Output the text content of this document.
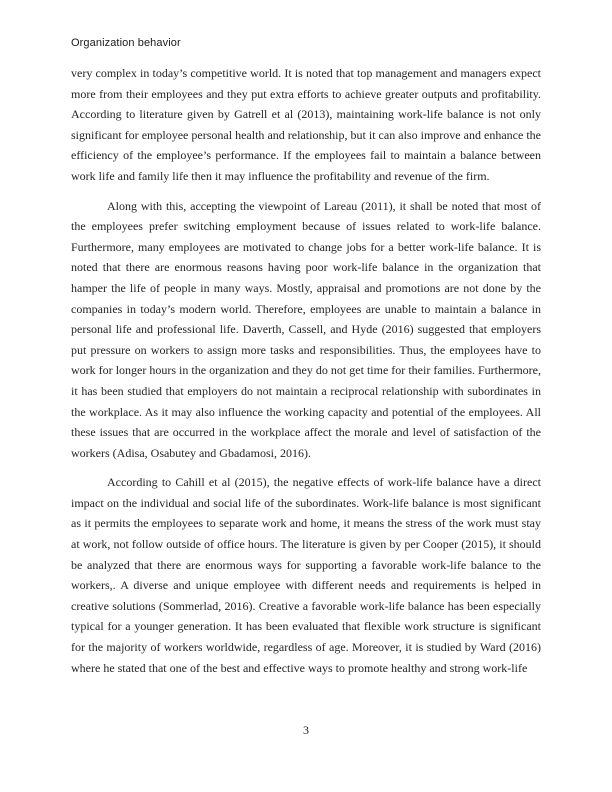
Organization behavior

very complex in today’s competitive world. It is noted that top management and managers expect more from their employees and they put extra efforts to achieve greater outputs and profitability. According to literature given by Gatrell et al (2013), maintaining work-life balance is not only significant for employee personal health and relationship, but it can also improve and enhance the efficiency of the employee’s performance. If the employees fail to maintain a balance between work life and family life then it may influence the profitability and revenue of the firm.

Along with this, accepting the viewpoint of Lareau (2011), it shall be noted that most of the employees prefer switching employment because of issues related to work-life balance. Furthermore, many employees are motivated to change jobs for a better work-life balance. It is noted that there are enormous reasons having poor work-life balance in the organization that hamper the life of people in many ways. Mostly, appraisal and promotions are not done by the companies in today’s modern world. Therefore, employees are unable to maintain a balance in personal life and professional life. Daverth, Cassell, and Hyde (2016) suggested that employers put pressure on workers to assign more tasks and responsibilities. Thus, the employees have to work for longer hours in the organization and they do not get time for their families. Furthermore, it has been studied that employers do not maintain a reciprocal relationship with subordinates in the workplace. As it may also influence the working capacity and potential of the employees. All these issues that are occurred in the workplace affect the morale and level of satisfaction of the workers (Adisa, Osabutey and Gbadamosi, 2016).

According to Cahill et al (2015), the negative effects of work-life balance have a direct impact on the individual and social life of the subordinates. Work-life balance is most significant as it permits the employees to separate work and home, it means the stress of the work must stay at work, not follow outside of office hours. The literature is given by per Cooper (2015), it should be analyzed that there are enormous ways for supporting a favorable work-life balance to the workers,. A diverse and unique employee with different needs and requirements is helped in creative solutions (Sommerlad, 2016). Creative a favorable work-life balance has been especially typical for a younger generation. It has been evaluated that flexible work structure is significant for the majority of workers worldwide, regardless of age. Moreover, it is studied by Ward (2016) where he stated that one of the best and effective ways to promote healthy and strong work-life

3
